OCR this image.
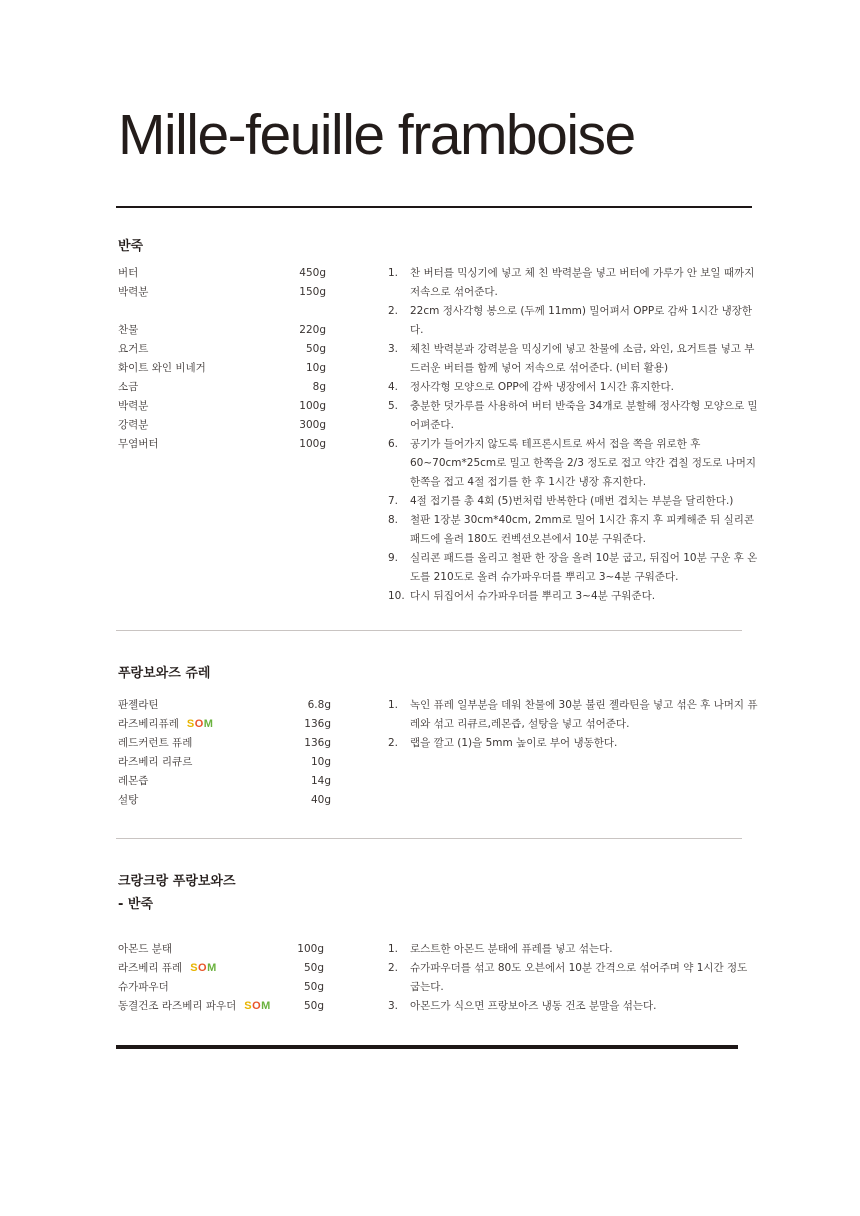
Mille-feuille framboise
반죽
버터	450g
박력분	150g
찬물	220g
요거트	50g
화이트 와인 비네거	10g
소금	8g
박력분	100g
강력분	300g
무염버터	100g
1. 찬 버터를 믹싱기에 넣고 체 친 박력분을 넣고 버터에 가루가 안 보일 때까지 저속으로 섞어준다.
2. 22cm 정사각형 봉으로 (두께 11mm) 밀어펴서 OPP로 감싸 1시간 냉장한다.
3. 체친 박력분과 강력분을 믹싱기에 넣고 찬물에 소금, 와인, 요거트를 넣고 부드러운 버터를 함께 넣어 저속으로 섞어준다. (비터 활용)
4. 정사각형 모양으로 OPP에 감싸 냉장에서 1시간 휴지한다.
5. 충분한 덧가루를 사용하여 버터 반죽을 34개로 분할해 정사각형 모양으로 밀어펴준다.
6. 공기가 들어가지 않도록 테프론시트로 싸서 접을 쪽을 위로한 후 60~70cm*25cm로 밀고 한쪽을 2/3 정도로 접고 약간 겹칠 정도로 나머지 한쪽을 접고 4절 접기를 한 후 1시간 냉장 휴지한다.
7. 4절 접기를 총 4회 (5)번처럼 반복한다 (매번 겹치는 부분을 달리한다.)
8. 철판 1장분 30cm*40cm, 2mm로 밀어 1시간 휴지 후 피케해준 뒤 실리콘 패드에 올려 180도 컨벡션오븐에서 10분 구워준다.
9. 실리콘 패드를 올리고 철판 한 장을 올려 10분 굽고, 뒤집어 10분 구운 후 온도를 210도로 올려 슈가파우더를 뿌리고 3~4분 구워준다.
10. 다시 뒤집어서 슈가파우더를 뿌리고 3~4분 구워준다.
푸랑보와즈 쥬레
판젤라틴	6.8g
라즈베리퓨레 SOM	136g
레드커런트 퓨레	136g
라즈베리 리큐르	10g
레몬즙	14g
설탕	40g
1. 녹인 퓨레 일부분을 데워 찬물에 30분 불린 젤라틴을 넣고 섞은 후 나머지 퓨레와 섞고 리큐르,레몬즙, 설탕을 넣고 섞어준다.
2. 랩을 깔고 (1)을 5mm 높이로 부어 냉동한다.
크랑크랑 푸랑보와즈
- 반죽
아몬드 분태	100g
라즈베리 퓨레 SOM	50g
슈가파우더	50g
동결건조 라즈베리 파우더 SOM	50g
1. 로스트한 아몬드 분태에 퓨레를 넣고 섞는다.
2. 슈가파우더를 섞고 80도 오븐에서 10분 간격으로 섞어주며 약 1시간 정도 굽는다.
3. 아몬드가 식으면 프랑보아즈 냉동 건조 분말을 섞는다.
